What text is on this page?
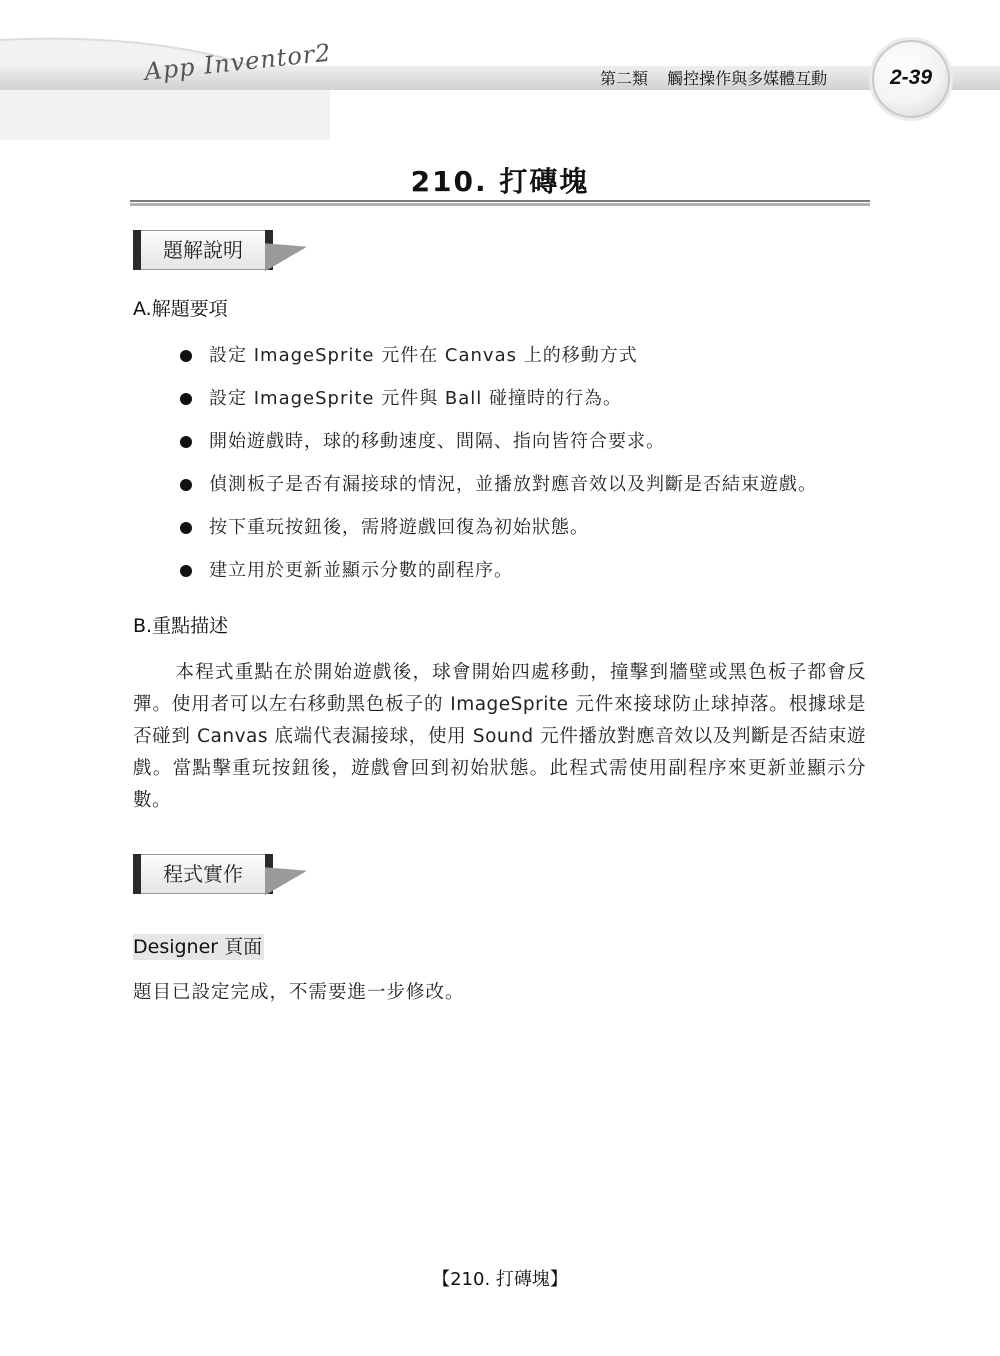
App Inventor2	第二類 觸控操作與多媒體互動	2-39
210. 打磚塊
題解說明
A.解題要項
設定 ImageSprite 元件在 Canvas 上的移動方式
設定 ImageSprite 元件與 Ball 碰撞時的行為。
開始遊戲時，球的移動速度、間隔、指向皆符合要求。
偵測板子是否有漏接球的情況，並播放對應音效以及判斷是否結束遊戲。
按下重玩按鈕後，需將遊戲回復為初始狀態。
建立用於更新並顯示分數的副程序。
B.重點描述

本程式重點在於開始遊戲後，球會開始四處移動，撞擊到牆壁或黑色板子都會反彈。使用者可以左右移動黑色板子的 ImageSprite 元件來接球防止球掉落。根據球是否碰到 Canvas 底端代表漏接球，使用 Sound 元件播放對應音效以及判斷是否結束遊戲。當點擊重玩按鈕後，遊戲會回到初始狀態。此程式需使用副程序來更新並顯示分數。

程式實作
Designer 頁面
題目已設定完成，不需要進一步修改。
【210. 打磚塊】
